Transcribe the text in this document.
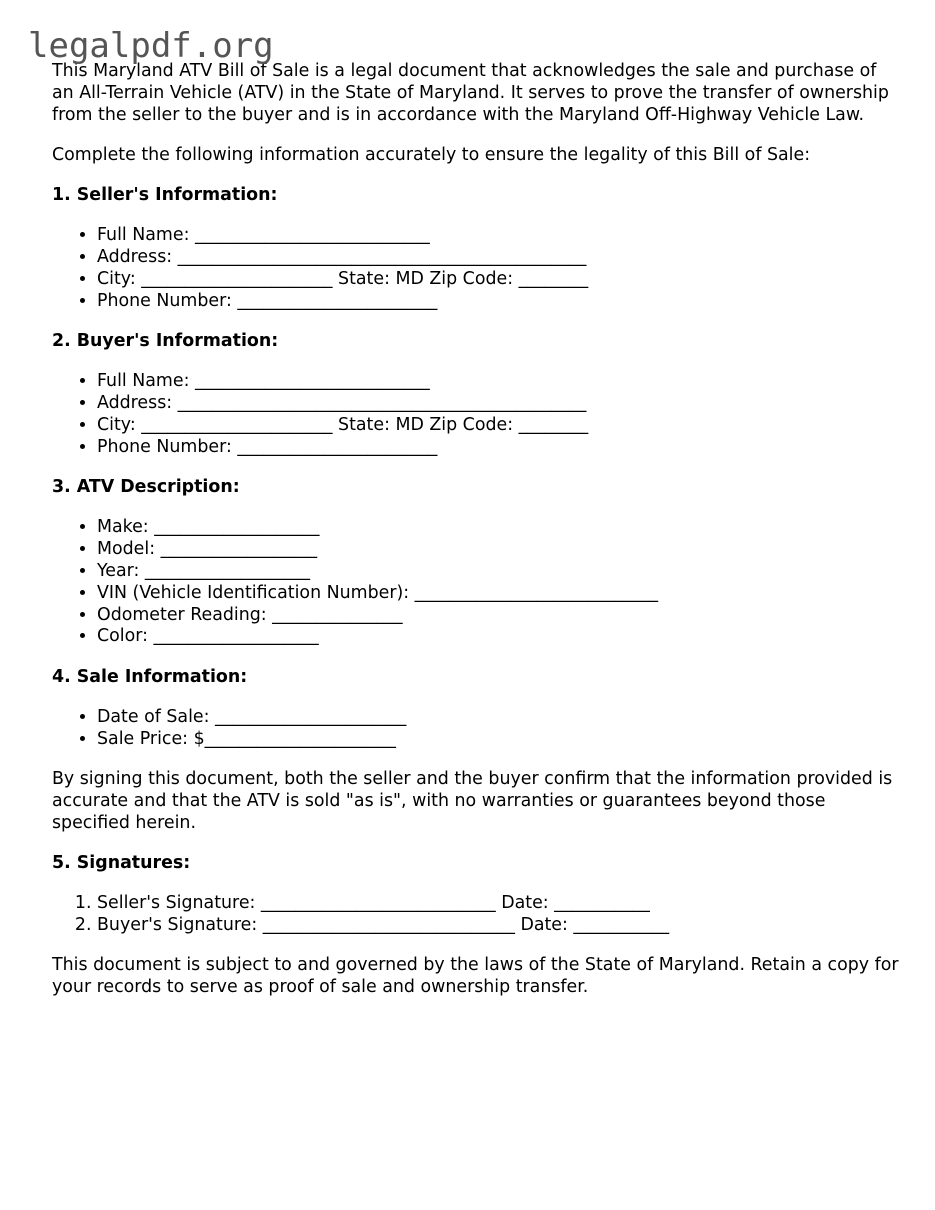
legalpdf.org

This Maryland ATV Bill of Sale is a legal document that acknowledges the sale and purchase of an All-Terrain Vehicle (ATV) in the State of Maryland. It serves to prove the transfer of ownership from the seller to the buyer and is in accordance with the Maryland Off-Highway Vehicle Law.

Complete the following information accurately to ensure the legality of this Bill of Sale:

1. Seller's Information:
• Full Name: ___________________________
• Address: _______________________________________________
• City: ______________________ State: MD Zip Code: ________
• Phone Number: _______________________
2. Buyer's Information:
• Full Name: ___________________________
• Address: _______________________________________________
• City: ______________________ State: MD Zip Code: ________
• Phone Number: _______________________
3. ATV Description:
• Make: ___________________
• Model: __________________
• Year: ___________________
• VIN (Vehicle Identification Number): ____________________________
• Odometer Reading: _______________
• Color: ___________________
4. Sale Information:
• Date of Sale: ______________________
• Sale Price: $______________________

By signing this document, both the seller and the buyer confirm that the information provided is accurate and that the ATV is sold "as is", with no warranties or guarantees beyond those specified herein.

5. Signatures:
1. Seller's Signature: ___________________________ Date: ___________
2. Buyer's Signature: _____________________________ Date: ___________

This document is subject to and governed by the laws of the State of Maryland. Retain a copy for your records to serve as proof of sale and ownership transfer.
